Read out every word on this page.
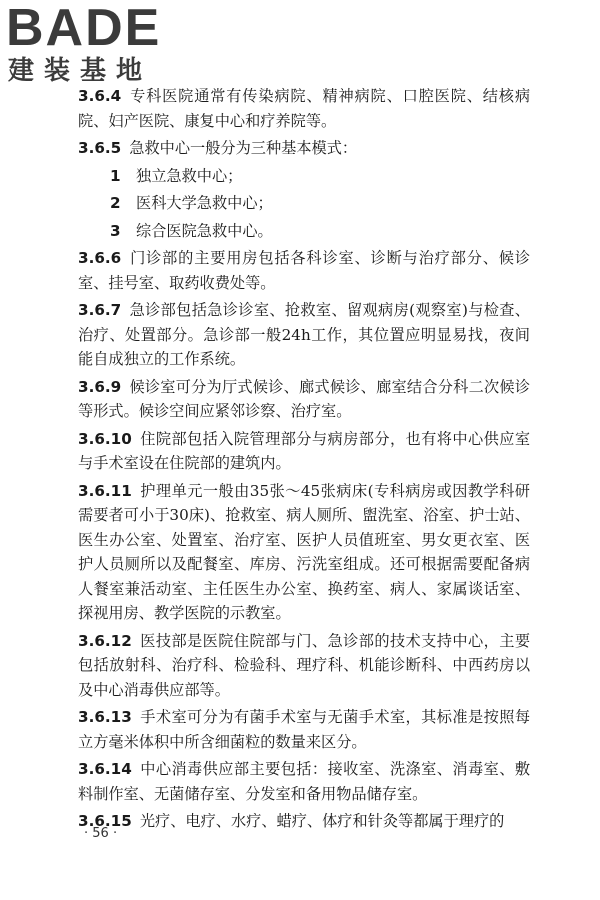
BADE
建装基地

3.6.4 专科医院通常有传染病院、精神病院、口腔医院、结核病院、妇产医院、康复中心和疗养院等。

3.6.5 急救中心一般分为三种基本模式：

1 独立急救中心；

2 医科大学急救中心；

3 综合医院急救中心。

3.6.6 门诊部的主要用房包括各科诊室、诊断与治疗部分、候诊室、挂号室、取药收费处等。

3.6.7 急诊部包括急诊诊室、抢救室、留观病房(观察室)与检查、治疗、处置部分。急诊部一般24h工作，其位置应明显易找，夜间能自成独立的工作系统。

3.6.9 候诊室可分为厅式候诊、廊式候诊、廊室结合分科二次候诊等形式。候诊空间应紧邻诊察、治疗室。

3.6.10 住院部包括入院管理部分与病房部分，也有将中心供应室与手术室设在住院部的建筑内。

3.6.11 护理单元一般由35张～45张病床(专科病房或因教学科研需要者可小于30床)、抢救室、病人厕所、盥洗室、浴室、护士站、医生办公室、处置室、治疗室、医护人员值班室、男女更衣室、医护人员厕所以及配餐室、库房、污洗室组成。还可根据需要配备病人餐室兼活动室、主任医生办公室、换药室、病人、家属谈话室、探视用房、教学医院的示教室。

3.6.12 医技部是医院住院部与门、急诊部的技术支持中心，主要包括放射科、治疗科、检验科、理疗科、机能诊断科、中西药房以及中心消毒供应部等。

3.6.13 手术室可分为有菌手术室与无菌手术室，其标准是按照每立方毫米体积中所含细菌粒的数量来区分。

3.6.14 中心消毒供应部主要包括：接收室、洗涤室、消毒室、敷料制作室、无菌储存室、分发室和备用物品储存室。

3.6.15 光疗、电疗、水疗、蜡疗、体疗和针灸等都属于理疗的

· 56 ·
